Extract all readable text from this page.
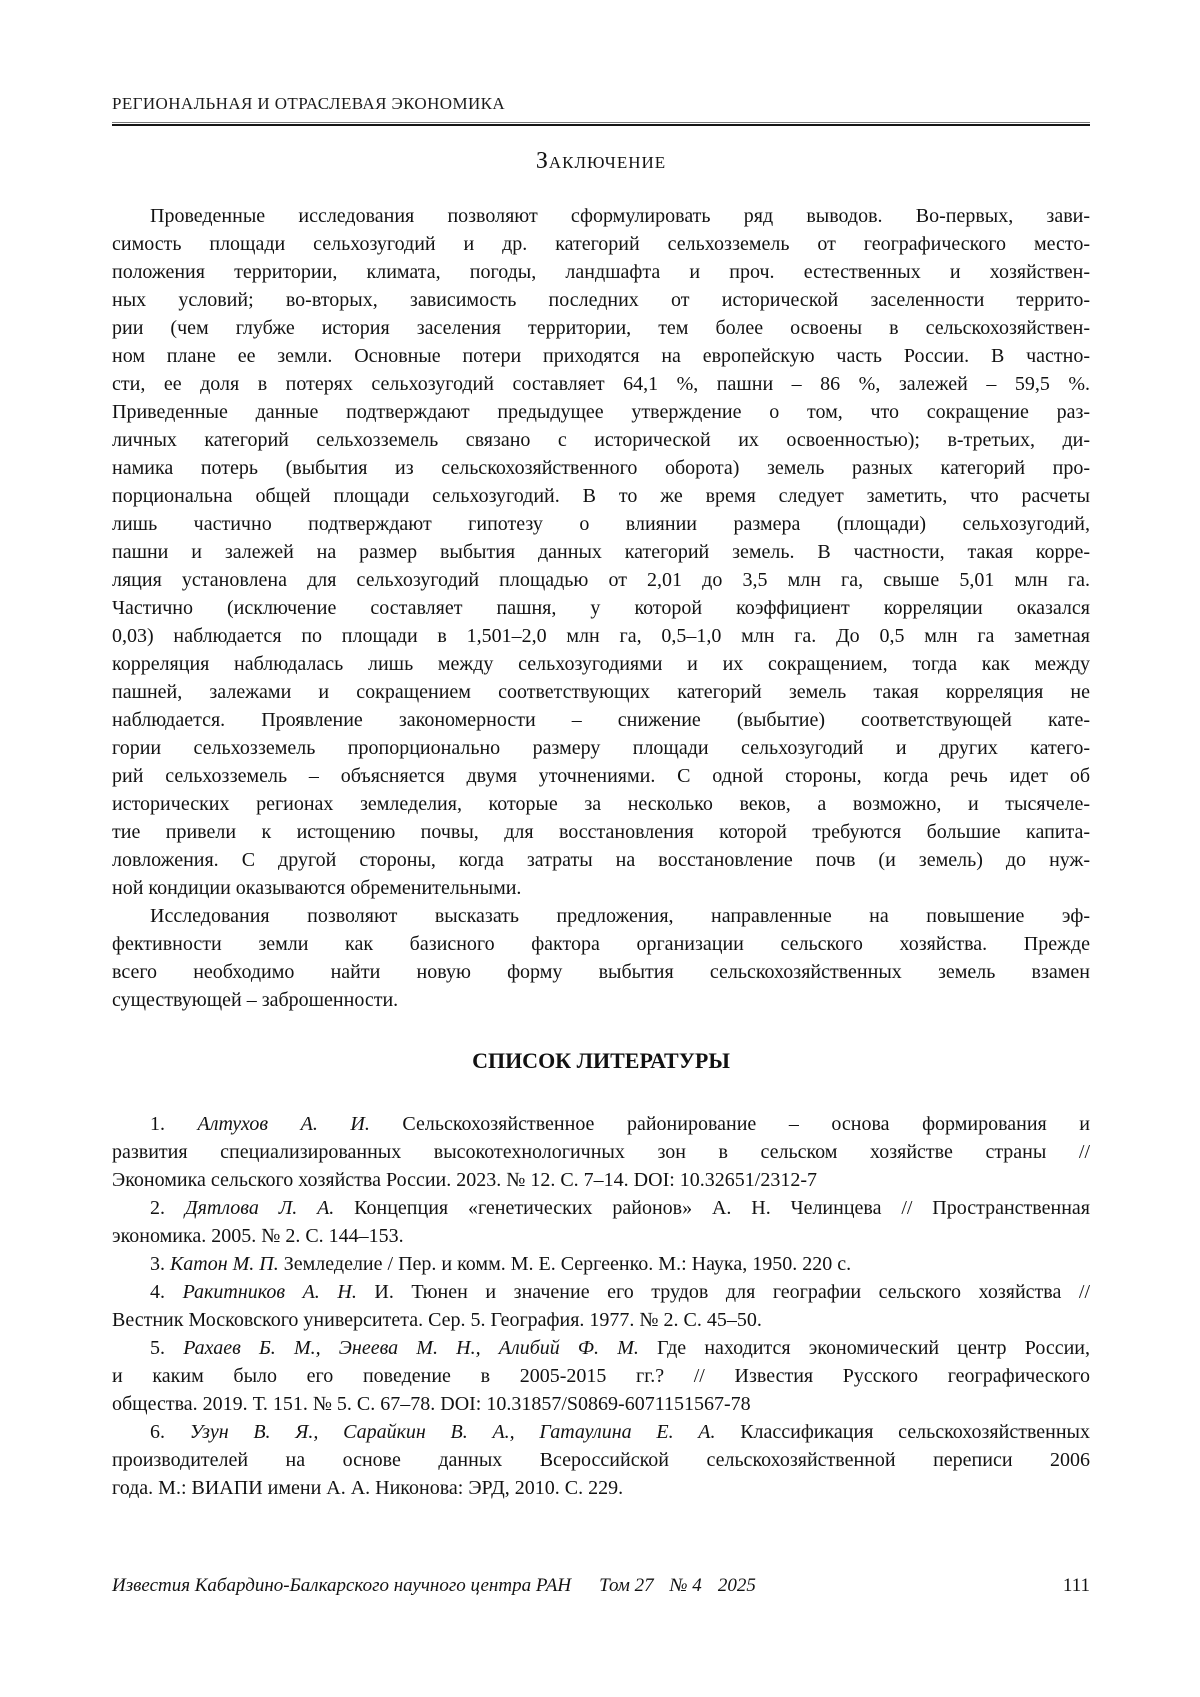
РЕГИОНАЛЬНАЯ И ОТРАСЛЕВАЯ ЭКОНОМИКА
Заключение
Проведенные исследования позволяют сформулировать ряд выводов. Во-первых, зави-
симость площади сельхозугодий и др. категорий сельхозземель от географического место-
положения территории, климата, погоды, ландшафта и проч. естественных и хозяйствен-
ных условий; во-вторых, зависимость последних от исторической заселенности террито-
рии (чем глубже история заселения территории, тем более освоены в сельскохозяйствен-
ном плане ее земли. Основные потери приходятся на европейскую часть России. В частно-
сти, ее доля в потерях сельхозугодий составляет 64,1 %, пашни – 86 %, залежей – 59,5 %.
Приведенные данные подтверждают предыдущее утверждение о том, что сокращение раз-
личных категорий сельхозземель связано с исторической их освоенностью); в-третьих, ди-
намика потерь (выбытия из сельскохозяйственного оборота) земель разных категорий про-
порциональна общей площади сельхозугодий. В то же время следует заметить, что расчеты
лишь частично подтверждают гипотезу о влиянии размера (площади) сельхозугодий,
пашни и залежей на размер выбытия данных категорий земель. В частности, такая корре-
ляция установлена для сельхозугодий площадью от 2,01 до 3,5 млн га, свыше 5,01 млн га.
Частично (исключение составляет пашня, у которой коэффициент корреляции оказался
0,03) наблюдается по площади в 1,501–2,0 млн га, 0,5–1,0 млн га. До 0,5 млн га заметная
корреляция наблюдалась лишь между сельхозугодиями и их сокращением, тогда как между
пашней, залежами и сокращением соответствующих категорий земель такая корреляция не
наблюдается. Проявление закономерности – снижение (выбытие) соответствующей кате-
гории сельхозземель пропорционально размеру площади сельхозугодий и других катего-
рий сельхозземель – объясняется двумя уточнениями. С одной стороны, когда речь идет об
исторических регионах земледелия, которые за несколько веков, а возможно, и тысячеле-
тие привели к истощению почвы, для восстановления которой требуются большие капита-
ловложения. С другой стороны, когда затраты на восстановление почв (и земель) до нуж-
ной кондиции оказываются обременительными.
Исследования позволяют высказать предложения, направленные на повышение эф-
фективности земли как базисного фактора организации сельского хозяйства. Прежде
всего необходимо найти новую форму выбытия сельскохозяйственных земель взамен
существующей – заброшенности.
СПИСОК ЛИТЕРАТУРЫ
1. Алтухов А. И. Сельскохозяйственное районирование – основа формирования и
развития специализированных высокотехнологичных зон в сельском хозяйстве страны //
Экономика сельского хозяйства России. 2023. № 12. С. 7–14. DOI: 10.32651/2312-7
2. Дятлова Л. А. Концепция «генетических районов» А. Н. Челинцева // Пространственная
экономика. 2005. № 2. С. 144–153.
3. Катон М. П. Земледелие / Пер. и комм. М. Е. Сергеенко. М.: Наука, 1950. 220 с.
4. Ракитников А. Н. И. Тюнен и значение его трудов для географии сельского хозяйства //
Вестник Московского университета. Сер. 5. География. 1977. № 2. С. 45–50.
5. Рахаев Б. М., Энеева М. Н., Алибий Ф. М. Где находится экономический центр России,
и каким было его поведение в 2005-2015 гг.? // Известия Русского географического
общества. 2019. Т. 151. № 5. С. 67–78. DOI: 10.31857/S0869-6071151567-78
6. Узун В. Я., Сарайкин В. А., Гатаулина Е. А. Классификация сельскохозяйственных
производителей на основе данных Всероссийской сельскохозяйственной переписи 2006
года. М.: ВИАПИ имени А. А. Никонова: ЭРД, 2010. С. 229.
Известия Кабардино-Балкарского научного центра РАН Том 27 № 4 2025	111
